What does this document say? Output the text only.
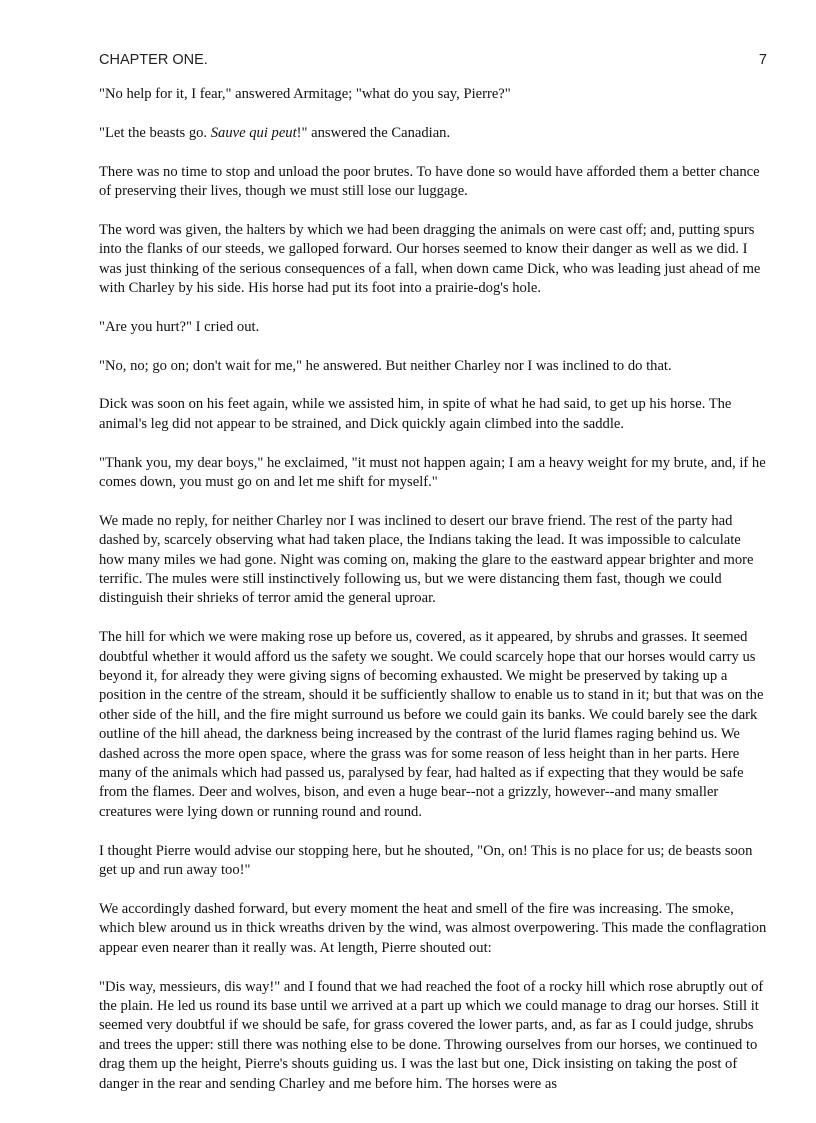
CHAPTER ONE.	7

"No help for it, I fear," answered Armitage; "what do you say, Pierre?"

"Let the beasts go. Sauve qui peut!" answered the Canadian.

There was no time to stop and unload the poor brutes. To have done so would have afforded them a better chance of preserving their lives, though we must still lose our luggage.

The word was given, the halters by which we had been dragging the animals on were cast off; and, putting spurs into the flanks of our steeds, we galloped forward. Our horses seemed to know their danger as well as we did. I was just thinking of the serious consequences of a fall, when down came Dick, who was leading just ahead of me with Charley by his side. His horse had put its foot into a prairie-dog's hole.

"Are you hurt?" I cried out.

"No, no; go on; don't wait for me," he answered. But neither Charley nor I was inclined to do that.

Dick was soon on his feet again, while we assisted him, in spite of what he had said, to get up his horse. The animal's leg did not appear to be strained, and Dick quickly again climbed into the saddle.

"Thank you, my dear boys," he exclaimed, "it must not happen again; I am a heavy weight for my brute, and, if he comes down, you must go on and let me shift for myself."

We made no reply, for neither Charley nor I was inclined to desert our brave friend. The rest of the party had dashed by, scarcely observing what had taken place, the Indians taking the lead. It was impossible to calculate how many miles we had gone. Night was coming on, making the glare to the eastward appear brighter and more terrific. The mules were still instinctively following us, but we were distancing them fast, though we could distinguish their shrieks of terror amid the general uproar.

The hill for which we were making rose up before us, covered, as it appeared, by shrubs and grasses. It seemed doubtful whether it would afford us the safety we sought. We could scarcely hope that our horses would carry us beyond it, for already they were giving signs of becoming exhausted. We might be preserved by taking up a position in the centre of the stream, should it be sufficiently shallow to enable us to stand in it; but that was on the other side of the hill, and the fire might surround us before we could gain its banks. We could barely see the dark outline of the hill ahead, the darkness being increased by the contrast of the lurid flames raging behind us. We dashed across the more open space, where the grass was for some reason of less height than in her parts. Here many of the animals which had passed us, paralysed by fear, had halted as if expecting that they would be safe from the flames. Deer and wolves, bison, and even a huge bear--not a grizzly, however--and many smaller creatures were lying down or running round and round.

I thought Pierre would advise our stopping here, but he shouted, "On, on! This is no place for us; de beasts soon get up and run away too!"

We accordingly dashed forward, but every moment the heat and smell of the fire was increasing. The smoke, which blew around us in thick wreaths driven by the wind, was almost overpowering. This made the conflagration appear even nearer than it really was. At length, Pierre shouted out:

"Dis way, messieurs, dis way!" and I found that we had reached the foot of a rocky hill which rose abruptly out of the plain. He led us round its base until we arrived at a part up which we could manage to drag our horses. Still it seemed very doubtful if we should be safe, for grass covered the lower parts, and, as far as I could judge, shrubs and trees the upper: still there was nothing else to be done. Throwing ourselves from our horses, we continued to drag them up the height, Pierre's shouts guiding us. I was the last but one, Dick insisting on taking the post of danger in the rear and sending Charley and me before him. The horses were as
